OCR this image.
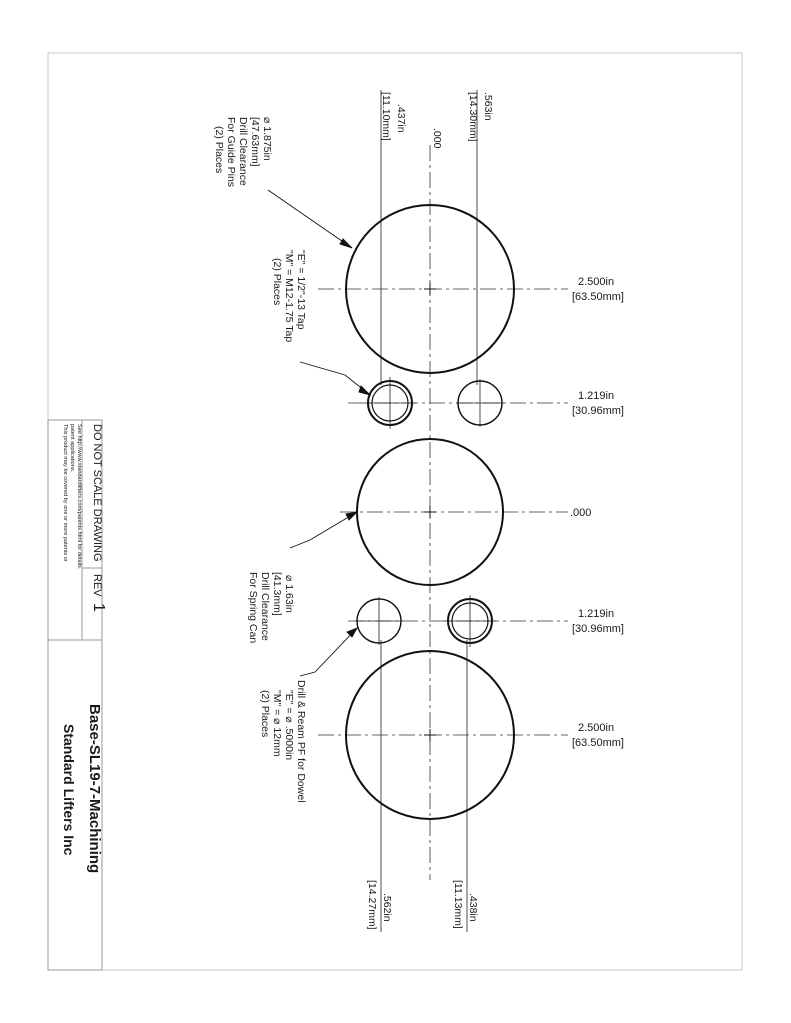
DO NOT SCALE DRAWING
REV
1
This product may be covered by one or more patents or patent applications. See http://www.standardlifters.com/patents.html for details.
Base-SL19-7-Machining
Standard Lifters Inc
2.500in
[63.50mm]
1.219in
[30.96mm]
.000
1.219in
[30.96mm]
2.500in
[63.50mm]
.563in
[14.30mm]
.000
.437in
[11.10mm]
.438in
[11.13mm]
.562in
[14.27mm]
⌀ 1.875in
[47.63mm]
Drill Clearance
For Guide Pins
(2) Places
"E" = 1/2"-13 Tap
"M" = M12-1.75 Tap
(2) Places
⌀ 1.63in
[41.3mm]
Drill Clearance
For Spring Can
Drill & Ream PF for Dowel
"E" = ⌀ .5000in
"M" = ⌀ 12mm
(2) Places
